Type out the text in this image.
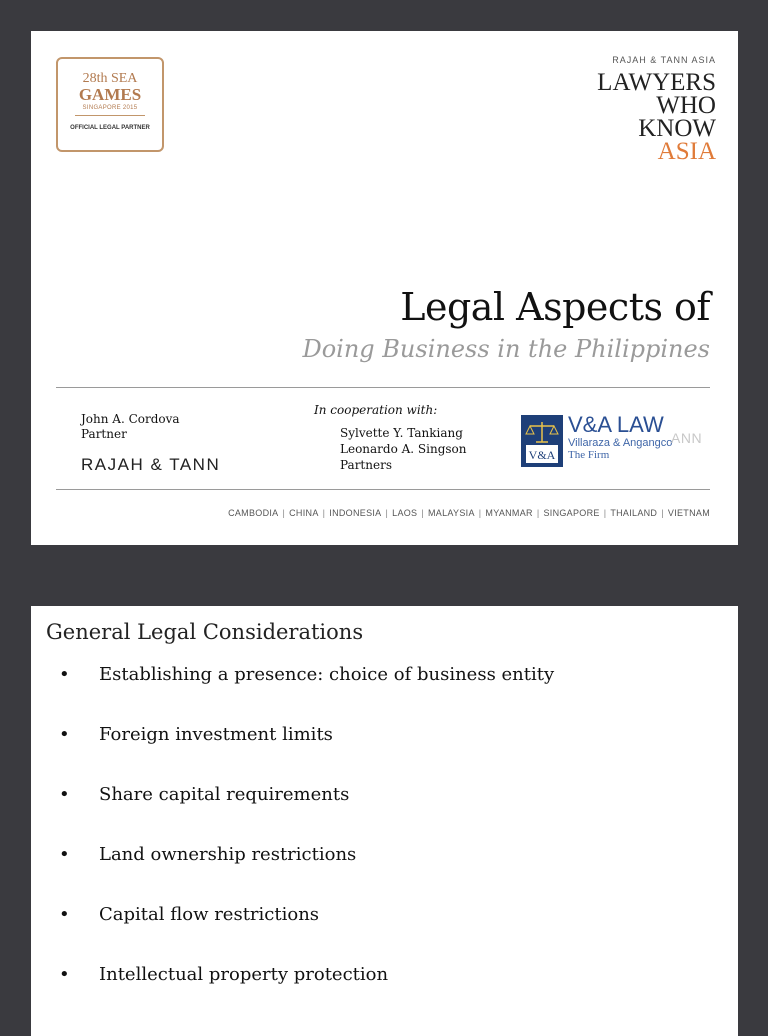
28th SEA
GAMES
SINGAPORE 2015
OFFICIAL LEGAL PARTNER
RAJAH & TANN ASIA
LAWYERS
WHO
KNOW
ASIA
Legal Aspects of
Doing Business in the Philippines
John A. Cordova
Partner
RAJAH & TANN
In cooperation with:
Sylvette Y. Tankiang
Leonardo A. Singson
Partners
V&A
V&A LAW
Villaraza & Angangco
The Firm
ANN
CAMBODIA | CHINA | INDONESIA | LAOS | MALAYSIA | MYANMAR | SINGAPORE | THAILAND | VIETNAM
General Legal Considerations
• Establishing a presence: choice of business entity
• Foreign investment limits
• Share capital requirements
• Land ownership restrictions
• Capital flow restrictions
• Intellectual property protection
